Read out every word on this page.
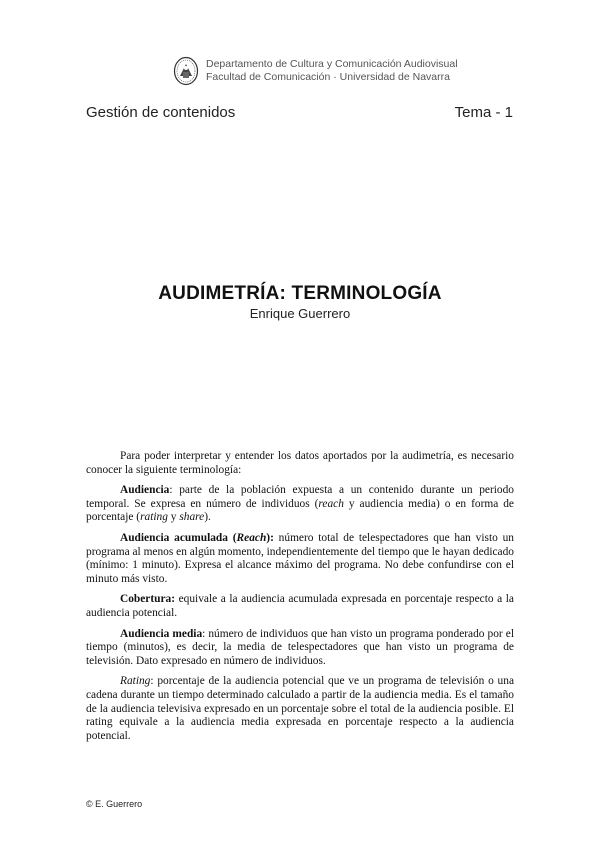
Departamento de Cultura y Comunicación Audiovisual
Facultad de Comunicación · Universidad de Navarra
Gestión de contenidos	Tema - 1
AUDIMETRÍA: TERMINOLOGÍA
Enrique Guerrero

Para poder interpretar y entender los datos aportados por la audimetría, es necesario conocer la siguiente terminología:

Audiencia: parte de la población expuesta a un contenido durante un periodo temporal. Se expresa en número de individuos (reach y audiencia media) o en forma de porcentaje (rating y share).

Audiencia acumulada (Reach): número total de telespectadores que han visto un programa al menos en algún momento, independientemente del tiempo que le hayan dedicado (mínimo: 1 minuto). Expresa el alcance máximo del programa. No debe confundirse con el minuto más visto.

Cobertura: equivale a la audiencia acumulada expresada en porcentaje respecto a la audiencia potencial.

Audiencia media: número de individuos que han visto un programa ponderado por el tiempo (minutos), es decir, la media de telespectadores que han visto un programa de televisión. Dato expresado en número de individuos.

Rating: porcentaje de la audiencia potencial que ve un programa de televisión o una cadena durante un tiempo determinado calculado a partir de la audiencia media. Es el tamaño de la audiencia televisiva expresado en un porcentaje sobre el total de la audiencia posible. El rating equivale a la audiencia media expresada en porcentaje respecto a la audiencia potencial.

© E. Guerrero
